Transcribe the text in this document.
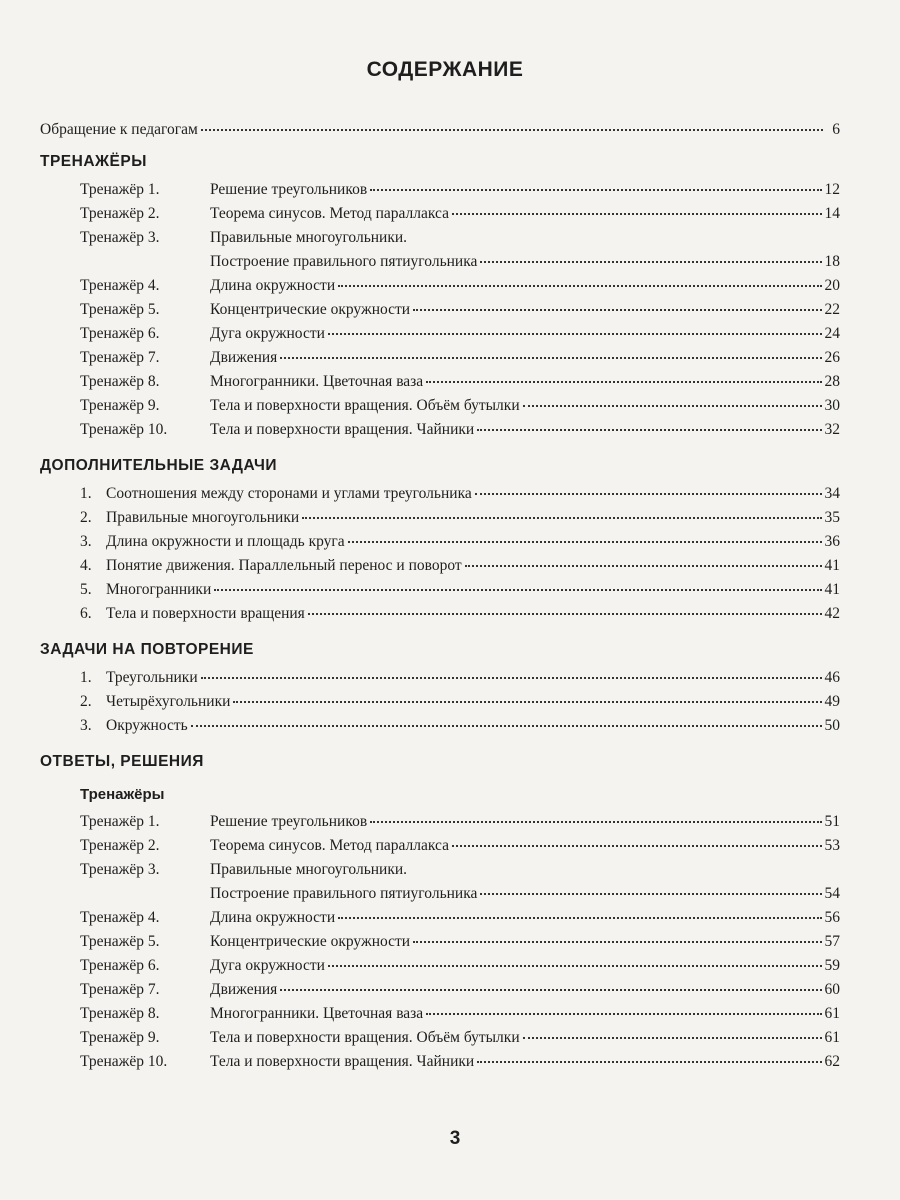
СОДЕРЖАНИЕ
Обращение к педагогам	6
ТРЕНАЖЁРЫ
Тренажёр 1.	Решение треугольников	12
Тренажёр 2.	Теорема синусов. Метод параллакса	14
Тренажёр 3.	Правильные многоугольники.
Построение правильного пятиугольника	18
Тренажёр 4.	Длина окружности	20
Тренажёр 5.	Концентрические окружности	22
Тренажёр 6.	Дуга окружности	24
Тренажёр 7.	Движения	26
Тренажёр 8.	Многогранники. Цветочная ваза	28
Тренажёр 9.	Тела и поверхности вращения. Объём бутылки	30
Тренажёр 10.	Тела и поверхности вращения. Чайники	32
ДОПОЛНИТЕЛЬНЫЕ ЗАДАЧИ
1. Соотношения между сторонами и углами треугольника	34
2. Правильные многоугольники	35
3. Длина окружности и площадь круга	36
4. Понятие движения. Параллельный перенос и поворот	41
5. Многогранники	41
6. Тела и поверхности вращения	42
ЗАДАЧИ НА ПОВТОРЕНИЕ
1. Треугольники	46
2. Четырёхугольники	49
3. Окружность	50
ОТВЕТЫ, РЕШЕНИЯ
Тренажёры
Тренажёр 1.	Решение треугольников	51
Тренажёр 2.	Теорема синусов. Метод параллакса	53
Тренажёр 3.	Правильные многоугольники.
Построение правильного пятиугольника	54
Тренажёр 4.	Длина окружности	56
Тренажёр 5.	Концентрические окружности	57
Тренажёр 6.	Дуга окружности	59
Тренажёр 7.	Движения	60
Тренажёр 8.	Многогранники. Цветочная ваза	61
Тренажёр 9.	Тела и поверхности вращения. Объём бутылки	61
Тренажёр 10.	Тела и поверхности вращения. Чайники	62
3
